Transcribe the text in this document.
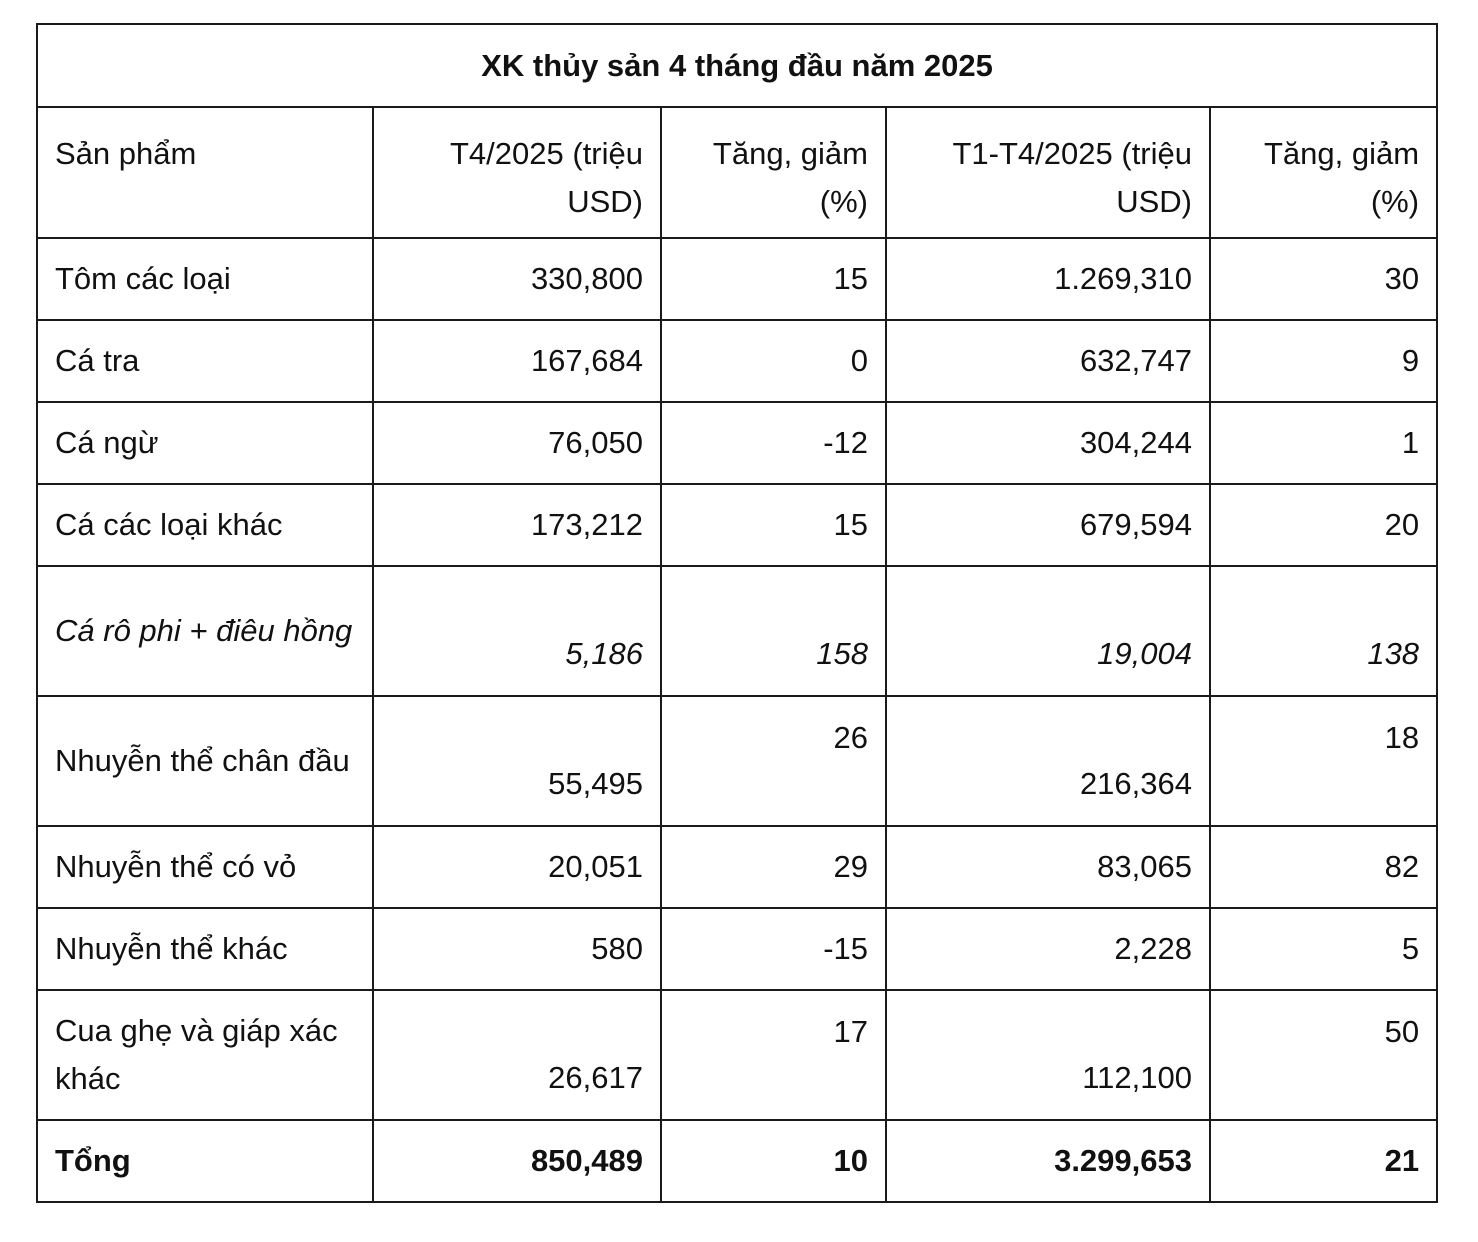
XK thủy sản 4 tháng đầu năm 2025				
Sản phẩm	T4/2025 (triệu USD)	Tăng, giảm (%)	T1-T4/2025 (triệu USD)	Tăng, giảm (%)
Tôm các loại	330,800	15	1.269,310	30
Cá tra	167,684	0	632,747	9
Cá ngừ	76,050	-12	304,244	1
Cá các loại khác	173,212	15	679,594	20
Cá rô phi + điêu hồng	5,186	158	19,004	138
Nhuyễn thể chân đầu	55,495	26	216,364	18
Nhuyễn thể có vỏ	20,051	29	83,065	82
Nhuyễn thể khác	580	-15	2,228	5
Cua ghẹ và giáp xác khác	26,617	17	112,100	50
Tổng	850,489	10	3.299,653	21
